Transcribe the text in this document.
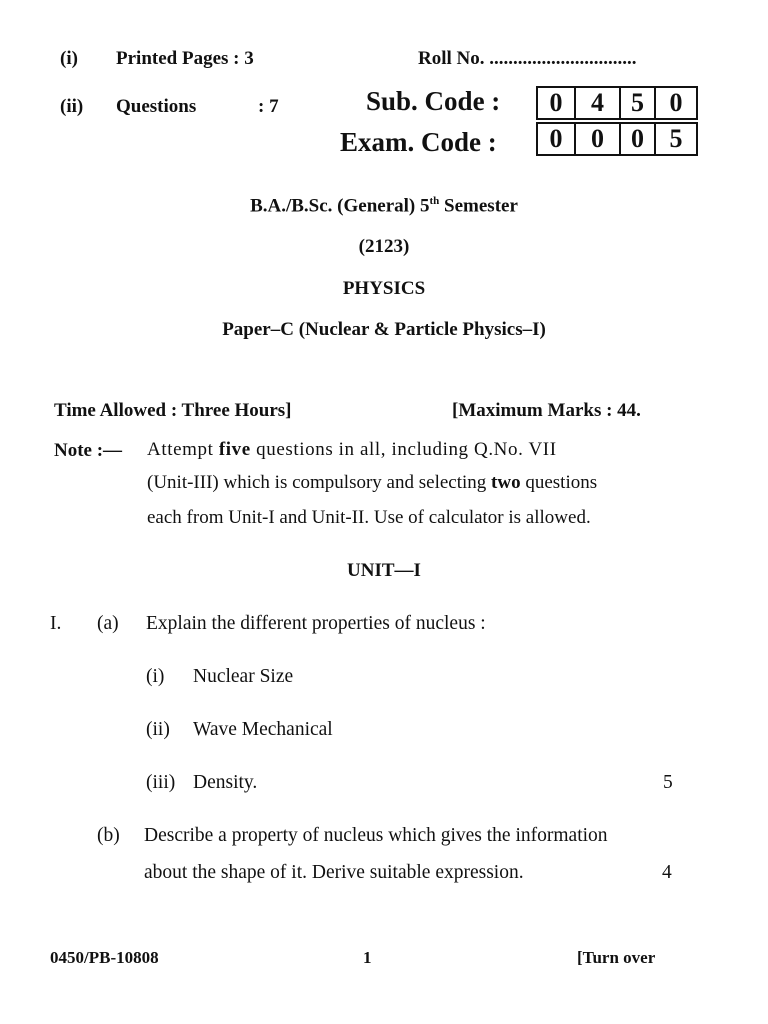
(i) Printed Pages : 3
(ii) Questions	: 7
Roll No. ...............................
Sub. Code :	0	4	5 0
Exam. Code :	0	0	0 5
B.A./B.Sc. (General) 5th Semester
(2123)
PHYSICS
Paper–C (Nuclear & Particle Physics–I)
Time Allowed : Three Hours]	[Maximum Marks : 44.
Note :— Attempt five questions in all, including Q.No. VII
(Unit-III) which is compulsory and selecting two questions
each from Unit-I and Unit-II. Use of calculator is allowed.
UNIT—I
I. (a) Explain the different properties of nucleus :
(i) Nuclear Size
(ii) Wave Mechanical
(iii) Density.	5
(b) Describe a property of nucleus which gives the information
about the shape of it. Derive suitable expression.	4
0450/PB-10808	1	[Turn over
